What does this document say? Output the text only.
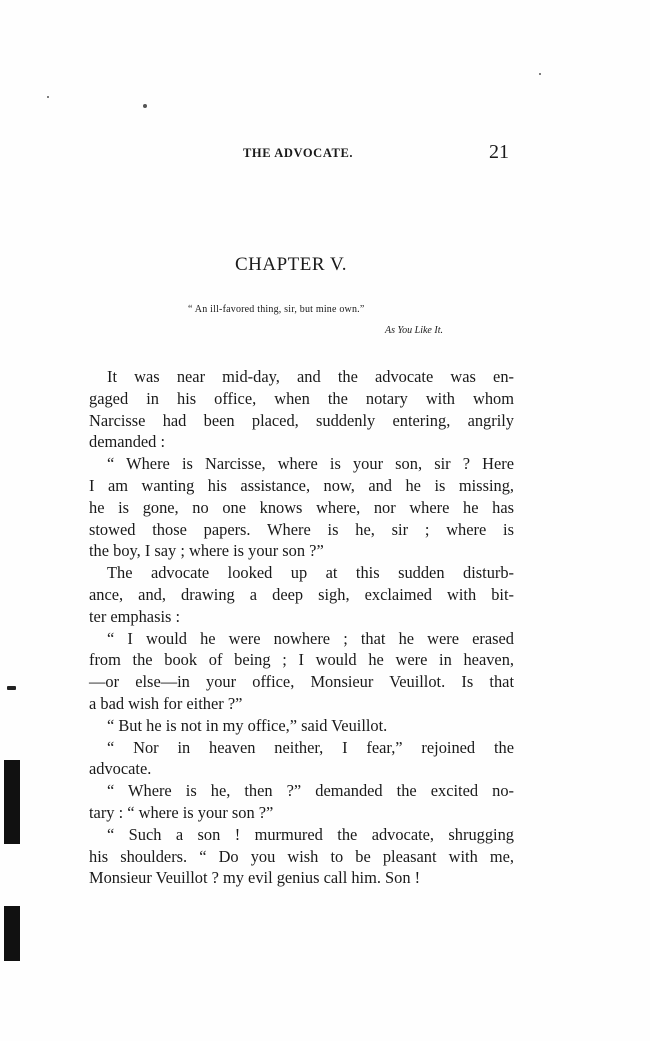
THE ADVOCATE.	21
CHAPTER V.
“ An ill-favored thing, sir, but mine own.”
As You Like It.
It was near mid-day, and the advocate was en-
gaged in his office, when the notary with whom
Narcisse had been placed, suddenly entering, angrily
demanded :
“ Where is Narcisse, where is your son, sir ? Here
I am wanting his assistance, now, and he is missing,
he is gone, no one knows where, nor where he has
stowed those papers. Where is he, sir ; where is
the boy, I say ; where is your son ?”
The advocate looked up at this sudden disturb-
ance, and, drawing a deep sigh, exclaimed with bit-
ter emphasis :
“ I would he were nowhere ; that he were erased
from the book of being ; I would he were in heaven,
—or else—in your office, Monsieur Veuillot. Is that
a bad wish for either ?”
“ But he is not in my office,” said Veuillot.
“ Nor in heaven neither, I fear,” rejoined the
advocate.
“ Where is he, then ?” demanded the excited no-
tary : “ where is your son ?”
“ Such a son ! murmured the advocate, shrugging
his shoulders. “ Do you wish to be pleasant with me,
Monsieur Veuillot ? my evil genius call him. Son !
